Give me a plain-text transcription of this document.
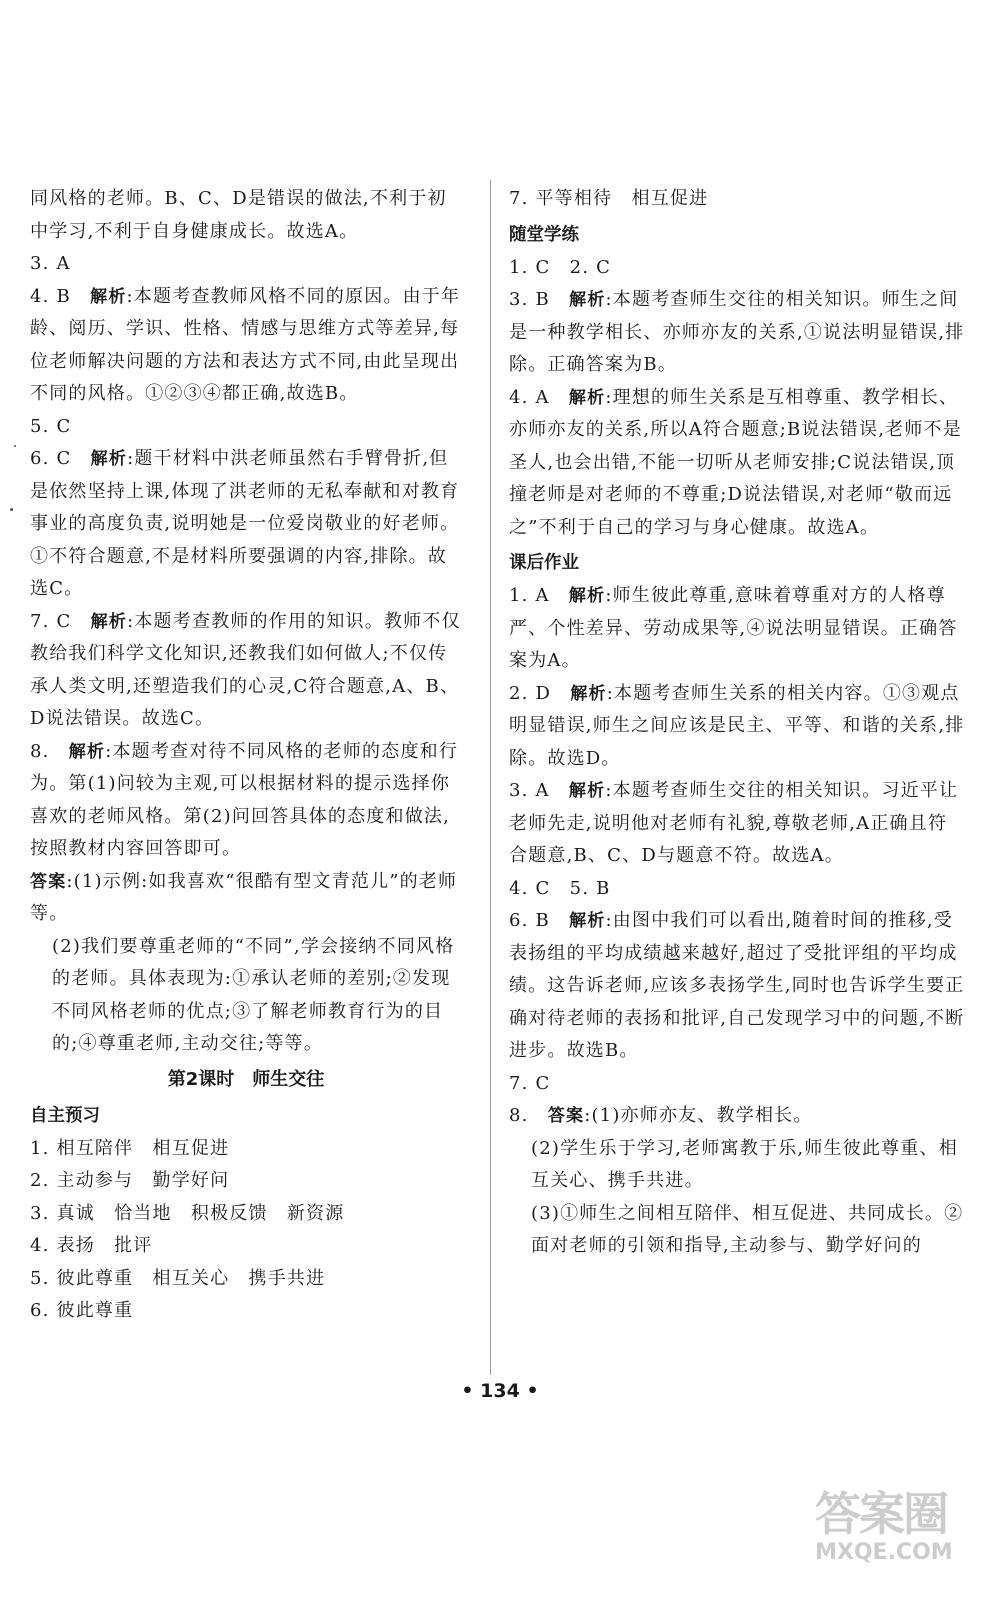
同风格的老师。B、C、D是错误的做法,不利于初中学习,不利于自身健康成长。故选A。

3. A

4. B  解析:本题考查教师风格不同的原因。由于年龄、阅历、学识、性格、情感与思维方式等差异,每位老师解决问题的方法和表达方式不同,由此呈现出不同的风格。①②③④都正确,故选B。

5. C

6. C  解析:题干材料中洪老师虽然右手臂骨折,但是依然坚持上课,体现了洪老师的无私奉献和对教育事业的高度负责,说明她是一位爱岗敬业的好老师。①不符合题意,不是材料所要强调的内容,排除。故选C。

7. C  解析:本题考查教师的作用的知识。教师不仅教给我们科学文化知识,还教我们如何做人;不仅传承人类文明,还塑造我们的心灵,C符合题意,A、B、D说法错误。故选C。

8.  解析:本题考查对待不同风格的老师的态度和行为。第(1)问较为主观,可以根据材料的提示选择你喜欢的老师风格。第(2)问回答具体的态度和做法,按照教材内容回答即可。

答案:(1)示例:如我喜欢“很酷有型文青范儿”的老师等。

(2)我们要尊重老师的“不同”,学会接纳不同风格的老师。具体表现为:①承认老师的差别;②发现不同风格老师的优点;③了解老师教育行为的目的;④尊重老师,主动交往;等等。

第2课时　师生交往
自主预习

1. 相互陪伴　相互促进

2. 主动参与　勤学好问

3. 真诚　恰当地　积极反馈　新资源

4. 表扬　批评

5. 彼此尊重　相互关心　携手共进

6. 彼此尊重

7. 平等相待　相互促进

随堂学练

1. C　2. C

3. B  解析:本题考查师生交往的相关知识。师生之间是一种教学相长、亦师亦友的关系,①说法明显错误,排除。正确答案为B。

4. A  解析:理想的师生关系是互相尊重、教学相长、亦师亦友的关系,所以A符合题意;B说法错误,老师不是圣人,也会出错,不能一切听从老师安排;C说法错误,顶撞老师是对老师的不尊重;D说法错误,对老师“敬而远之”不利于自己的学习与身心健康。故选A。

课后作业

1. A  解析:师生彼此尊重,意味着尊重对方的人格尊严、个性差异、劳动成果等,④说法明显错误。正确答案为A。

2. D  解析:本题考查师生关系的相关内容。①③观点明显错误,师生之间应该是民主、平等、和谐的关系,排除。故选D。

3. A  解析:本题考查师生交往的相关知识。习近平让老师先走,说明他对老师有礼貌,尊敬老师,A正确且符合题意,B、C、D与题意不符。故选A。

4. C　5. B

6. B  解析:由图中我们可以看出,随着时间的推移,受表扬组的平均成绩越来越好,超过了受批评组的平均成绩。这告诉老师,应该多表扬学生,同时也告诉学生要正确对待老师的表扬和批评,自己发现学习中的问题,不断进步。故选B。

7. C

8.  答案:(1)亦师亦友、教学相长。

(2)学生乐于学习,老师寓教于乐,师生彼此尊重、相互关心、携手共进。

(3)①师生之间相互陪伴、相互促进、共同成长。②面对老师的引领和指导,主动参与、勤学好问的

• 134 •
答案圈
MXQE.COM
